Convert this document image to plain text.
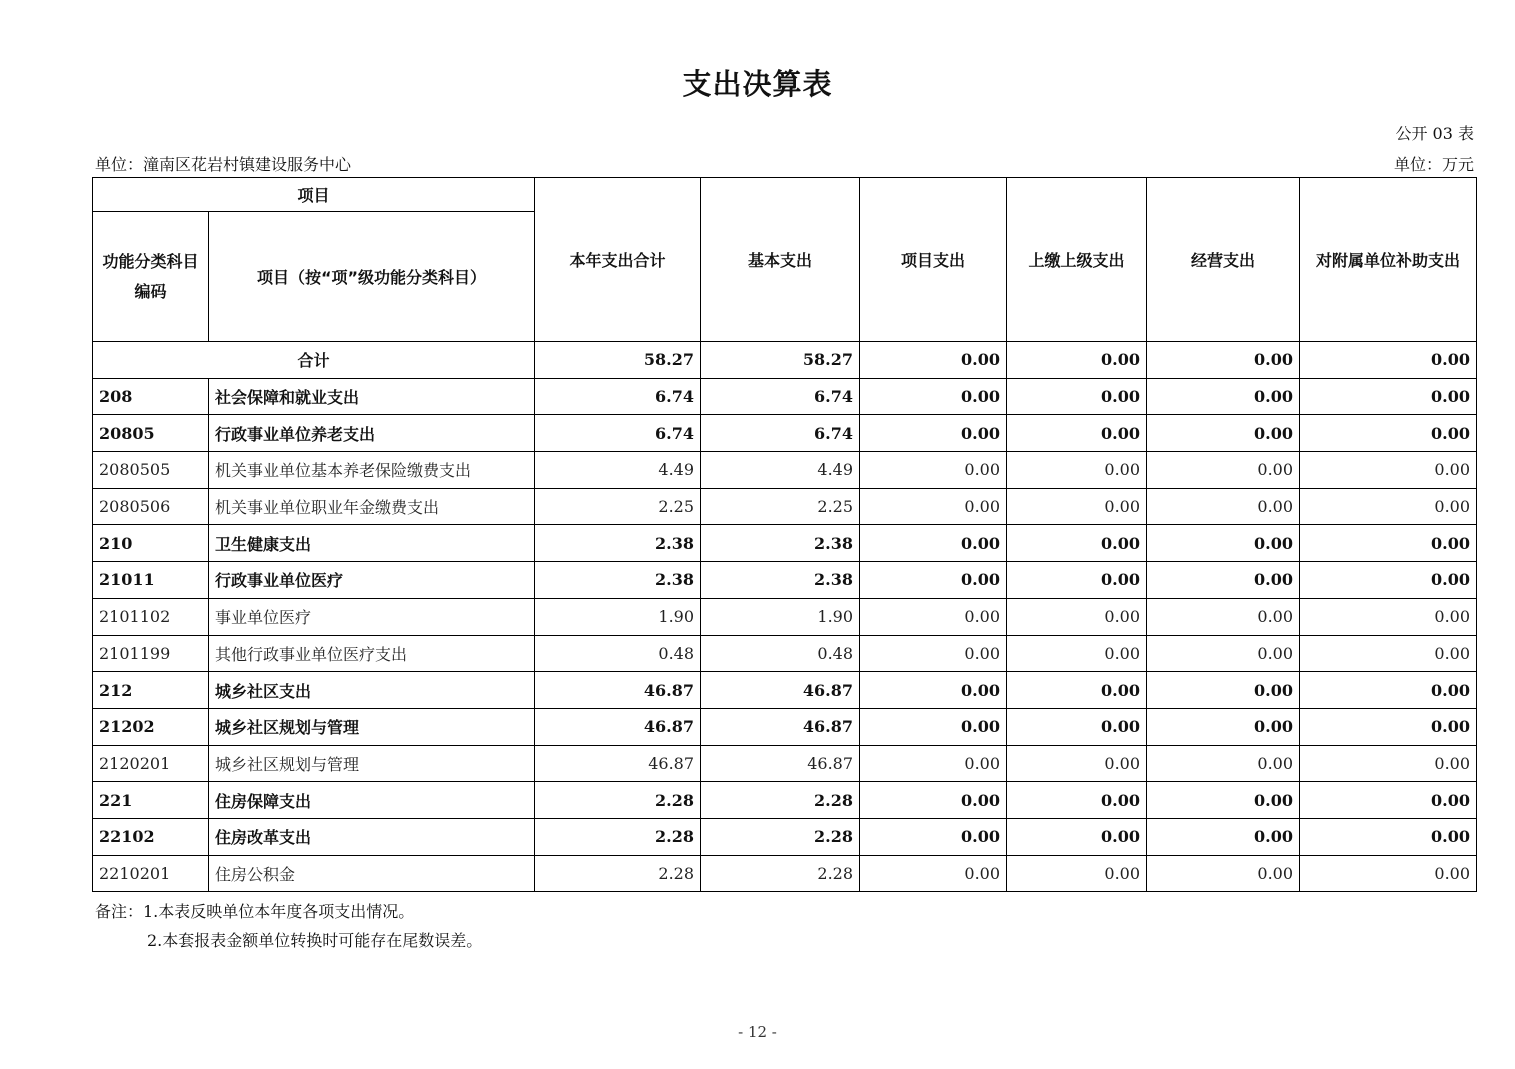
支出决算表
公开 03 表
单位：潼南区花岩村镇建设服务中心	单位：万元
项目		本年支出合计	基本支出	项目支出	上缴上级支出	经营支出	对附属单位补助支出
功能分类科目编码	项目（按“项”级功能分类科目）						
合计		58.27	58.27	0.00	0.00	0.00	0.00
208	社会保障和就业支出	6.74	6.74	0.00	0.00	0.00	0.00
20805	行政事业单位养老支出	6.74	6.74	0.00	0.00	0.00	0.00
2080505	机关事业单位基本养老保险缴费支出	4.49	4.49	0.00	0.00	0.00	0.00
2080506	机关事业单位职业年金缴费支出	2.25	2.25	0.00	0.00	0.00	0.00
210	卫生健康支出	2.38	2.38	0.00	0.00	0.00	0.00
21011	行政事业单位医疗	2.38	2.38	0.00	0.00	0.00	0.00
2101102	事业单位医疗	1.90	1.90	0.00	0.00	0.00	0.00
2101199	其他行政事业单位医疗支出	0.48	0.48	0.00	0.00	0.00	0.00
212	城乡社区支出	46.87	46.87	0.00	0.00	0.00	0.00
21202	城乡社区规划与管理	46.87	46.87	0.00	0.00	0.00	0.00
2120201	城乡社区规划与管理	46.87	46.87	0.00	0.00	0.00	0.00
221	住房保障支出	2.28	2.28	0.00	0.00	0.00	0.00
22102	住房改革支出	2.28	2.28	0.00	0.00	0.00	0.00
2210201	住房公积金	2.28	2.28	0.00	0.00	0.00	0.00
备注：1.本表反映单位本年度各项支出情况。
2.本套报表金额单位转换时可能存在尾数误差。
- 12 -
